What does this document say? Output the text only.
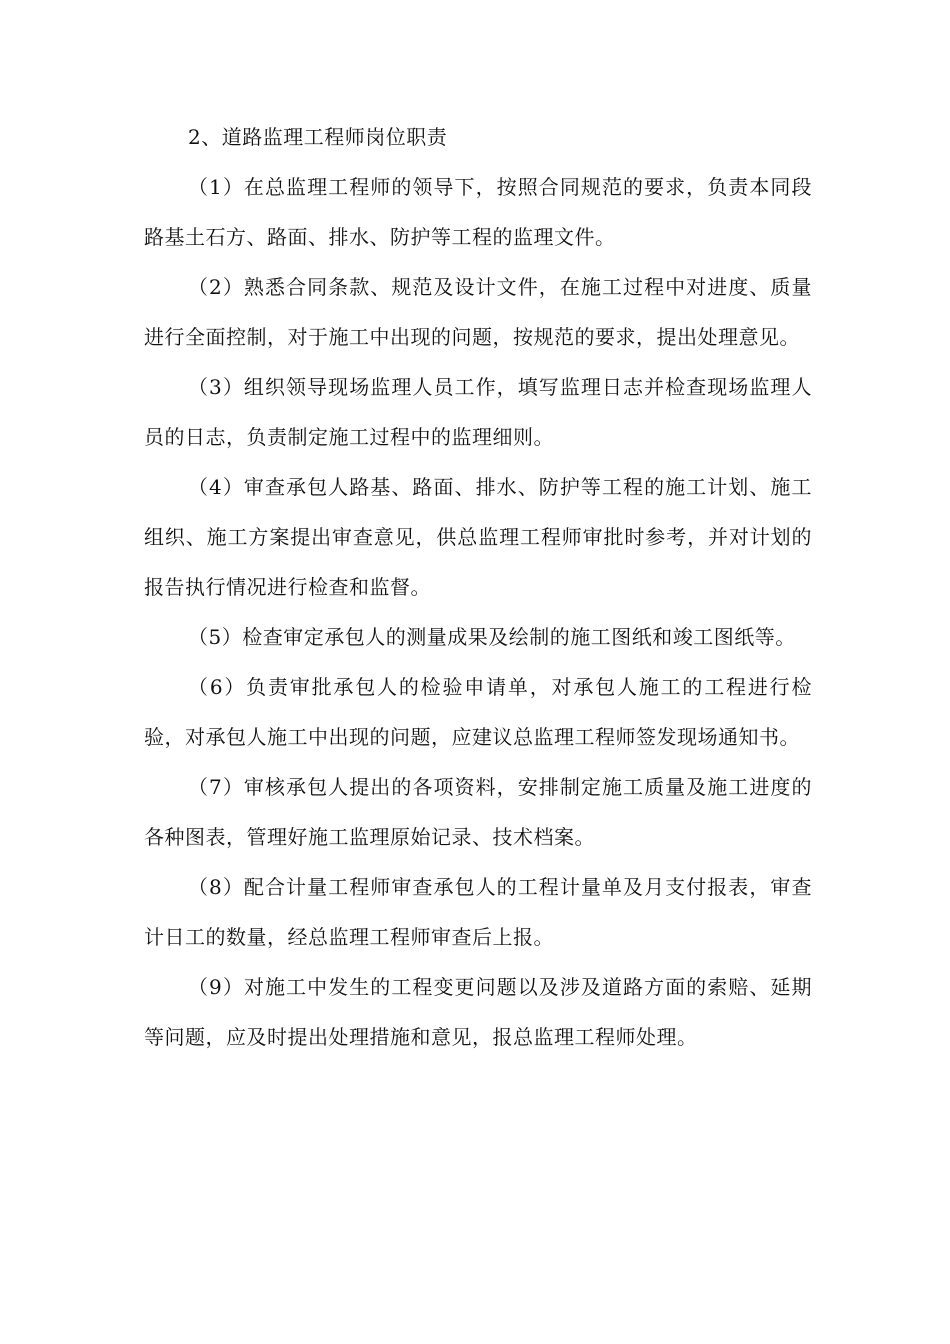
2、道路监理工程师岗位职责

（1）在总监理工程师的领导下，按照合同规范的要求，负责本同段路基土石方、路面、排水、防护等工程的监理文件。

（2）熟悉合同条款、规范及设计文件，在施工过程中对进度、质量进行全面控制，对于施工中出现的问题，按规范的要求，提出处理意见。

（3）组织领导现场监理人员工作，填写监理日志并检查现场监理人员的日志，负责制定施工过程中的监理细则。

（4）审查承包人路基、路面、排水、防护等工程的施工计划、施工组织、施工方案提出审查意见，供总监理工程师审批时参考，并对计划的报告执行情况进行检查和监督。

（5）检查审定承包人的测量成果及绘制的施工图纸和竣工图纸等。

（6）负责审批承包人的检验申请单，对承包人施工的工程进行检验，对承包人施工中出现的问题，应建议总监理工程师签发现场通知书。

（7）审核承包人提出的各项资料，安排制定施工质量及施工进度的各种图表，管理好施工监理原始记录、技术档案。

（8）配合计量工程师审查承包人的工程计量单及月支付报表，审查计日工的数量，经总监理工程师审查后上报。

（9）对施工中发生的工程变更问题以及涉及道路方面的索赔、延期等问题，应及时提出处理措施和意见，报总监理工程师处理。
